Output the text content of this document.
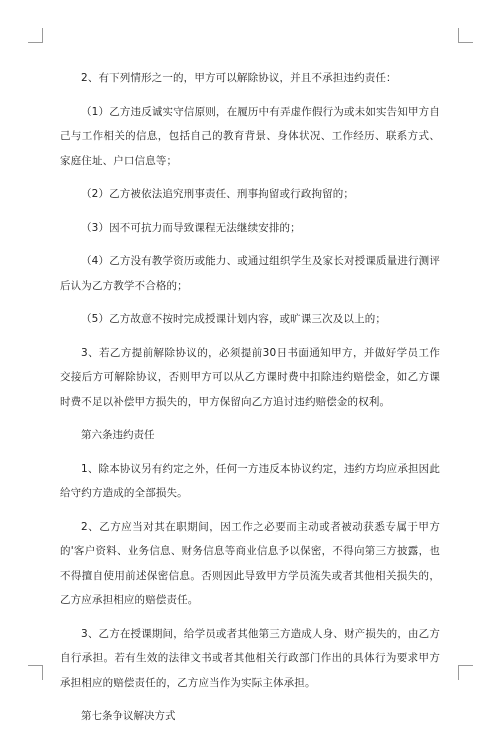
2、有下列情形之一的，甲方可以解除协议，并且不承担违约责任：

（1）乙方违反诚实守信原则，在履历中有弄虚作假行为或未如实告知甲方自己与工作相关的信息，包括自己的教育背景、身体状况、工作经历、联系方式、家庭住址、户口信息等；

（2）乙方被依法追究刑事责任、刑事拘留或行政拘留的；

（3）因不可抗力而导致课程无法继续安排的；

（4）乙方没有教学资历或能力、或通过组织学生及家长对授课质量进行测评后认为乙方教学不合格的；

（5）乙方故意不按时完成授课计划内容，或旷课三次及以上的；

3、若乙方提前解除协议的，必须提前30日书面通知甲方，并做好学员工作交接后方可解除协议，否则甲方可以从乙方课时费中扣除违约赔偿金，如乙方课时费不足以补偿甲方损失的，甲方保留向乙方追讨违约赔偿金的权利。

第六条违约责任

1、除本协议另有约定之外，任何一方违反本协议约定，违约方均应承担因此给守约方造成的全部损失。

2、乙方应当对其在职期间，因工作之必要而主动或者被动获悉专属于甲方的'客户资料、业务信息、财务信息等商业信息予以保密，不得向第三方披露，也不得擅自使用前述保密信息。否则因此导致甲方学员流失或者其他相关损失的，乙方应承担相应的赔偿责任。

3、乙方在授课期间，给学员或者其他第三方造成人身、财产损失的，由乙方自行承担。若有生效的法律文书或者其他相关行政部门作出的具体行为要求甲方承担相应的赔偿责任的，乙方应当作为实际主体承担。

第七条争议解决方式
